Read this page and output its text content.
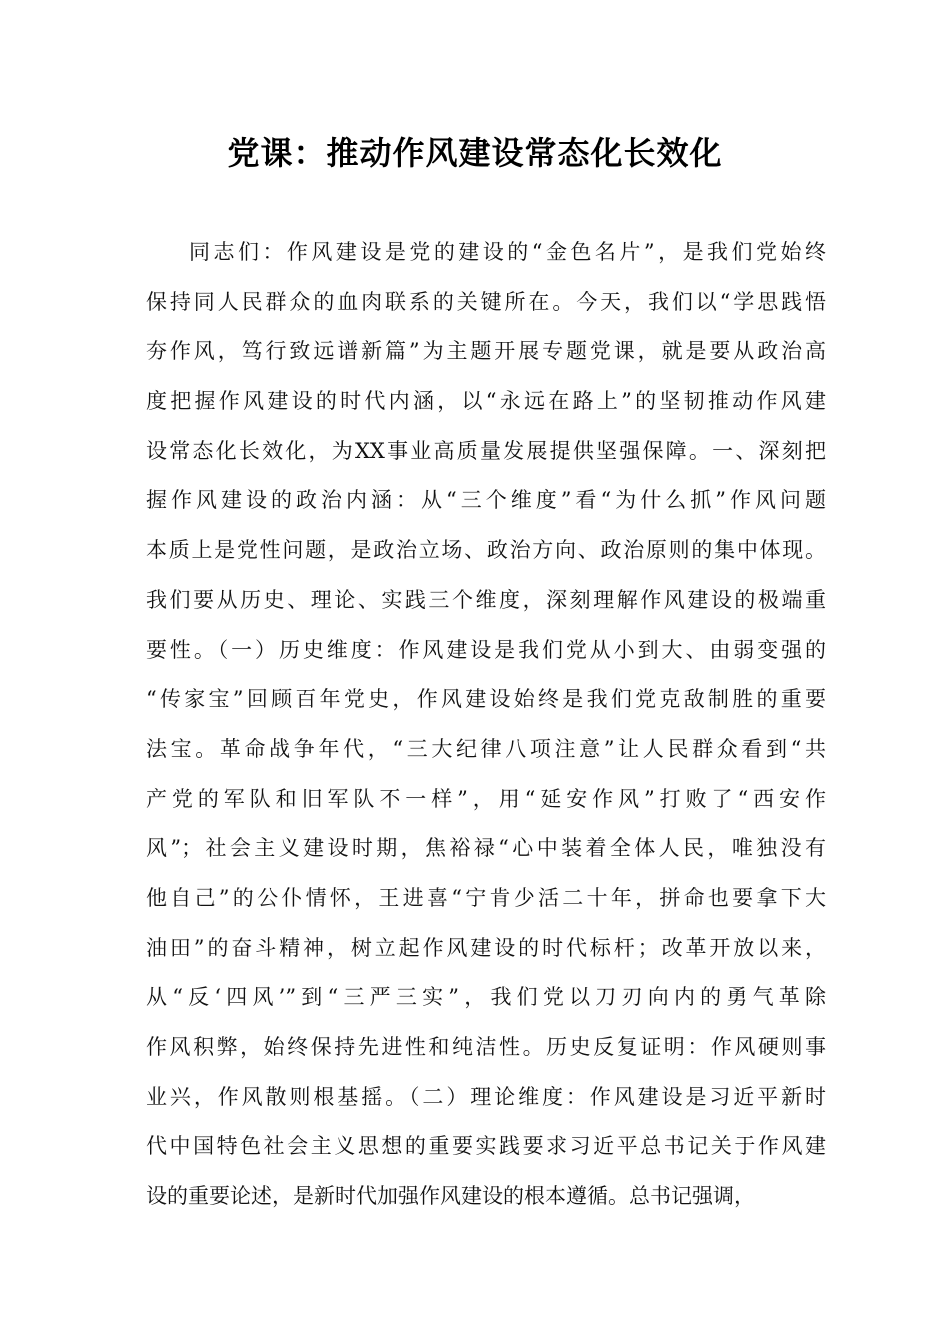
党课：推动作风建设常态化长效化
同志们：作风建设是党的建设的“金色名片”，是我们党始终
保持同人民群众的血肉联系的关键所在。今天，我们以“学思践悟
夯作风，笃行致远谱新篇”为主题开展专题党课，就是要从政治高
度把握作风建设的时代内涵，以“永远在路上”的坚韧推动作风建
设常态化长效化，为XX事业高质量发展提供坚强保障。一、深刻把
握作风建设的政治内涵：从“三个维度”看“为什么抓”作风问题
本质上是党性问题，是政治立场、政治方向、政治原则的集中体现。
我们要从历史、理论、实践三个维度，深刻理解作风建设的极端重
要性。（一）历史维度：作风建设是我们党从小到大、由弱变强的
“传家宝”回顾百年党史，作风建设始终是我们党克敌制胜的重要
法宝。革命战争年代，“三大纪律八项注意”让人民群众看到“共
产党的军队和旧军队不一样”，用“延安作风”打败了“西安作
风”；社会主义建设时期，焦裕禄“心中装着全体人民，唯独没有
他自己”的公仆情怀，王进喜“宁肯少活二十年，拼命也要拿下大
油田”的奋斗精神，树立起作风建设的时代标杆；改革开放以来，
从“反‘四风’”到“三严三实”，我们党以刀刃向内的勇气革除
作风积弊，始终保持先进性和纯洁性。历史反复证明：作风硬则事
业兴，作风散则根基摇。（二）理论维度：作风建设是习近平新时
代中国特色社会主义思想的重要实践要求习近平总书记关于作风建
设的重要论述，是新时代加强作风建设的根本遵循。总书记强调，
